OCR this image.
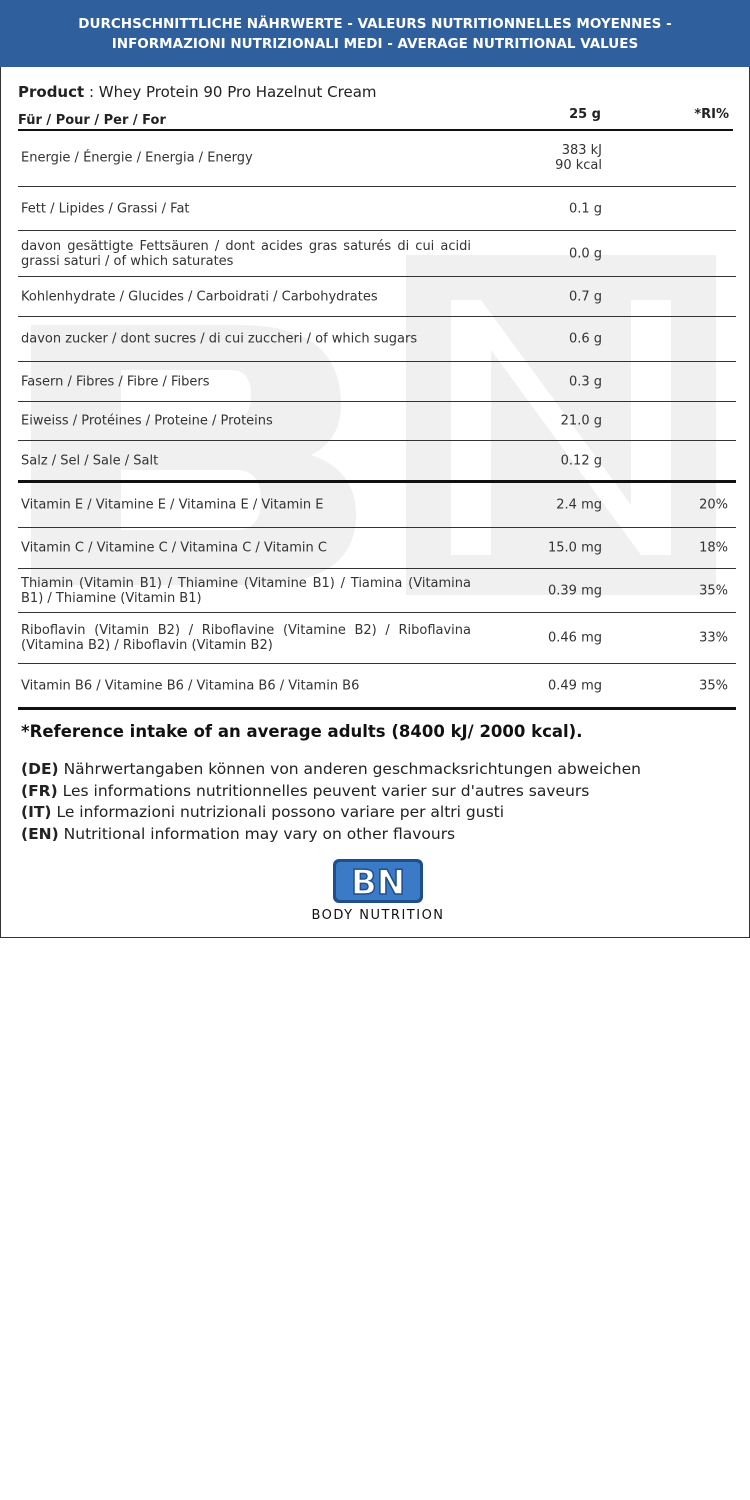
DURCHSCHNITTLICHE NÄHRWERTE - VALEURS NUTRITIONNELLES MOYENNES -
INFORMAZIONI NUTRIZIONALI MEDI - AVERAGE NUTRITIONAL VALUES
Product : Whey Protein 90 Pro Hazelnut Cream
Für / Pour / Per / For	25 g	*RI%
Energie / Énergie / Energia / Energy	383 kJ
90 kcal
Fett / Lipides / Grassi / Fat	0.1 g
davon gesättigte Fettsäuren / dont acides gras saturés di cui acidi grassi saturi / of which saturates	0.0 g
Kohlenhydrate / Glucides / Carboidrati / Carbohydrates	0.7 g
davon zucker / dont sucres / di cui zuccheri / of which sugars	0.6 g
Fasern / Fibres / Fibre / Fibers	0.3 g
Eiweiss / Protéines / Proteine / Proteins	21.0 g
Salz / Sel / Sale / Salt	0.12 g
Vitamin E / Vitamine E / Vitamina E / Vitamin E	2.4 mg	20%
Vitamin C / Vitamine C / Vitamina C / Vitamin C	15.0 mg	18%
Thiamin (Vitamin B1) / Thiamine (Vitamine B1) / Tiamina (Vitamina B1) / Thiamine (Vitamin B1)	0.39 mg	35%
Riboflavin (Vitamin B2) / Riboflavine (Vitamine B2) / Riboflavina (Vitamina B2) / Riboflavin (Vitamin B2)	0.46 mg	33%
Vitamin B6 / Vitamine B6 / Vitamina B6 / Vitamin B6	0.49 mg	35%
*Reference intake of an average adults (8400 kJ/ 2000 kcal).
(DE) Nährwertangaben können von anderen geschmacksrichtungen abweichen
(FR) Les informations nutritionnelles peuvent varier sur d'autres saveurs
(IT) Le informazioni nutrizionali possono variare per altri gusti
(EN) Nutritional information may vary on other flavours
BN
BODY NUTRITION
